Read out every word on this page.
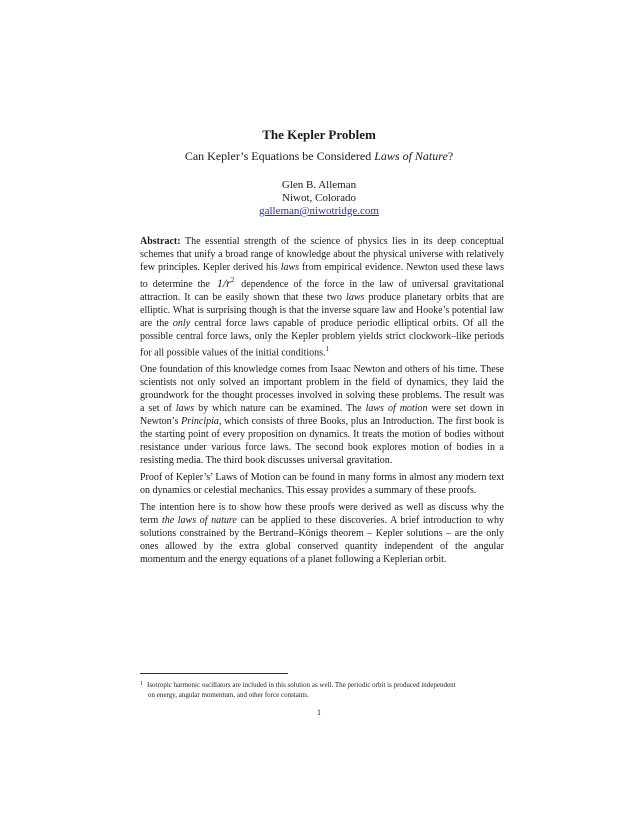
The Kepler Problem
Can Kepler’s Equations be Considered Laws of Nature?
Glen B. Alleman
Niwot, Colorado
galleman@niwotridge.com

Abstract: The essential strength of the science of physics lies in its deep conceptual schemes that unify a broad range of knowledge about the physical universe with relatively few principles. Kepler derived his laws from empirical evidence. Newton used these laws to determine the $1/r^2$ dependence of the force in the law of universal gravitational attraction. It can be easily shown that these two laws produce planetary orbits that are elliptic. What is surprising though is that the inverse square law and Hooke’s potential law are the only central force laws capable of produce periodic elliptical orbits. Of all the possible central force laws, only the Kepler problem yields strict clockwork–like periods for all possible values of the initial conditions.$^1$

One foundation of this knowledge comes from Isaac Newton and others of his time. These scientists not only solved an important problem in the field of dynamics, they laid the groundwork for the thought processes involved in solving these problems. The result was a set of laws by which nature can be examined. The laws of motion were set down in Newton’s Principia, which consists of three Books, plus an Introduction. The first book is the starting point of every proposition on dynamics. It treats the motion of bodies without resistance under various force laws. The second book explores motion of bodies in a resisting media. The third book discusses universal gravitation.

Proof of Kepler’s’ Laws of Motion can be found in many forms in almost any modern text on dynamics or celestial mechanics. This essay provides a summary of these proofs.

The intention here is to show how these proofs were derived as well as discuss why the term the laws of nature can be applied to these discoveries. A brief introduction to why solutions constrained by the Bertrand–Königs theorem – Kepler solutions – are the only ones allowed by the extra global conserved quantity independent of the angular momentum and the energy equations of a planet following a Keplerian orbit.

1 Isotropic harmonic oscillators are included in this solution as well. The periodic orbit is produced independent
on energy, angular momentum, and other force constants.
1
